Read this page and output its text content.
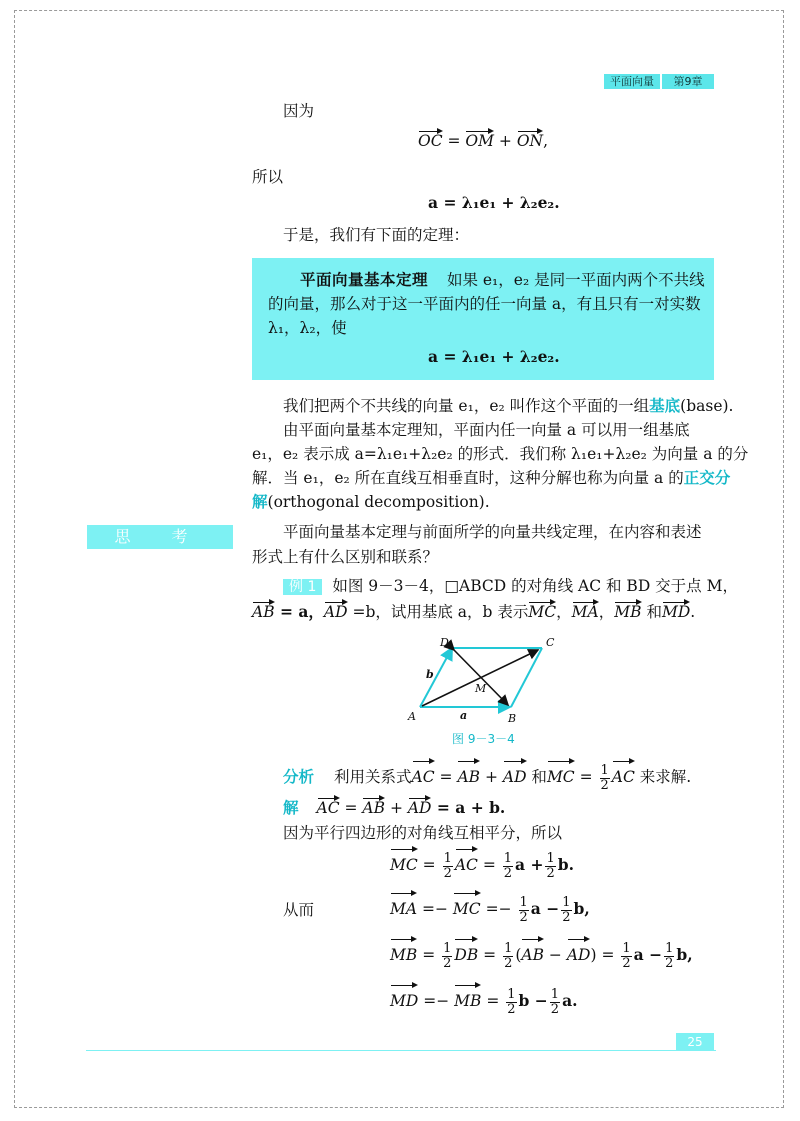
平面向量	第9章
因为
OC = OM + ON,
所以
a = λ₁e₁ + λ₂e₂.
于是，我们有下面的定理：
平面向量基本定理 如果 e₁，e₂ 是同一平面内两个不共线
的向量，那么对于这一平面内的任一向量 a，有且只有一对实数
λ₁，λ₂，使
a = λ₁e₁ + λ₂e₂.
我们把两个不共线的向量 e₁，e₂ 叫作这个平面的一组基底(base).
由平面向量基本定理知，平面内任一向量 a 可以用一组基底
e₁，e₂ 表示成 a=λ₁e₁+λ₂e₂ 的形式．我们称 λ₁e₁+λ₂e₂ 为向量 a 的分
解．当 e₁，e₂ 所在直线互相垂直时，这种分解也称为向量 a 的正交分
解(orthogonal decomposition).
思 考	平面向量基本定理与前面所学的向量共线定理，在内容和表述
形式上有什么区别和联系？
例 1 如图 9－3－4，□ABCD 的对角线 AC 和 BD 交于点 M，
AB = a，AD =b，试用基底 a，b 表示MC，MA，MB 和MD.
A	B
C
D
M
a
b
图 9－3－4
分析 利用关系式AC = AB + AD 和MC = $\frac{1}{2}$ AC 来求解.
解 AC = AB + AD = a + b.
因为平行四边形的对角线互相平分，所以
MC = $\frac{1}{2}$ AC = $\frac{1}{2}$ $a + \frac{1}{2} b$.
从而	MA =− MC =− $\frac{1}{2}$ $a - \frac{1}{2} b$,
MB = $\frac{1}{2}$ DB = $\frac{1}{2} (AB - AD) = \frac{1}{2}$ $a - \frac{1}{2} b$,
MD =− MB = $\frac{1}{2}$ $b - \frac{1}{2} a$.
25
